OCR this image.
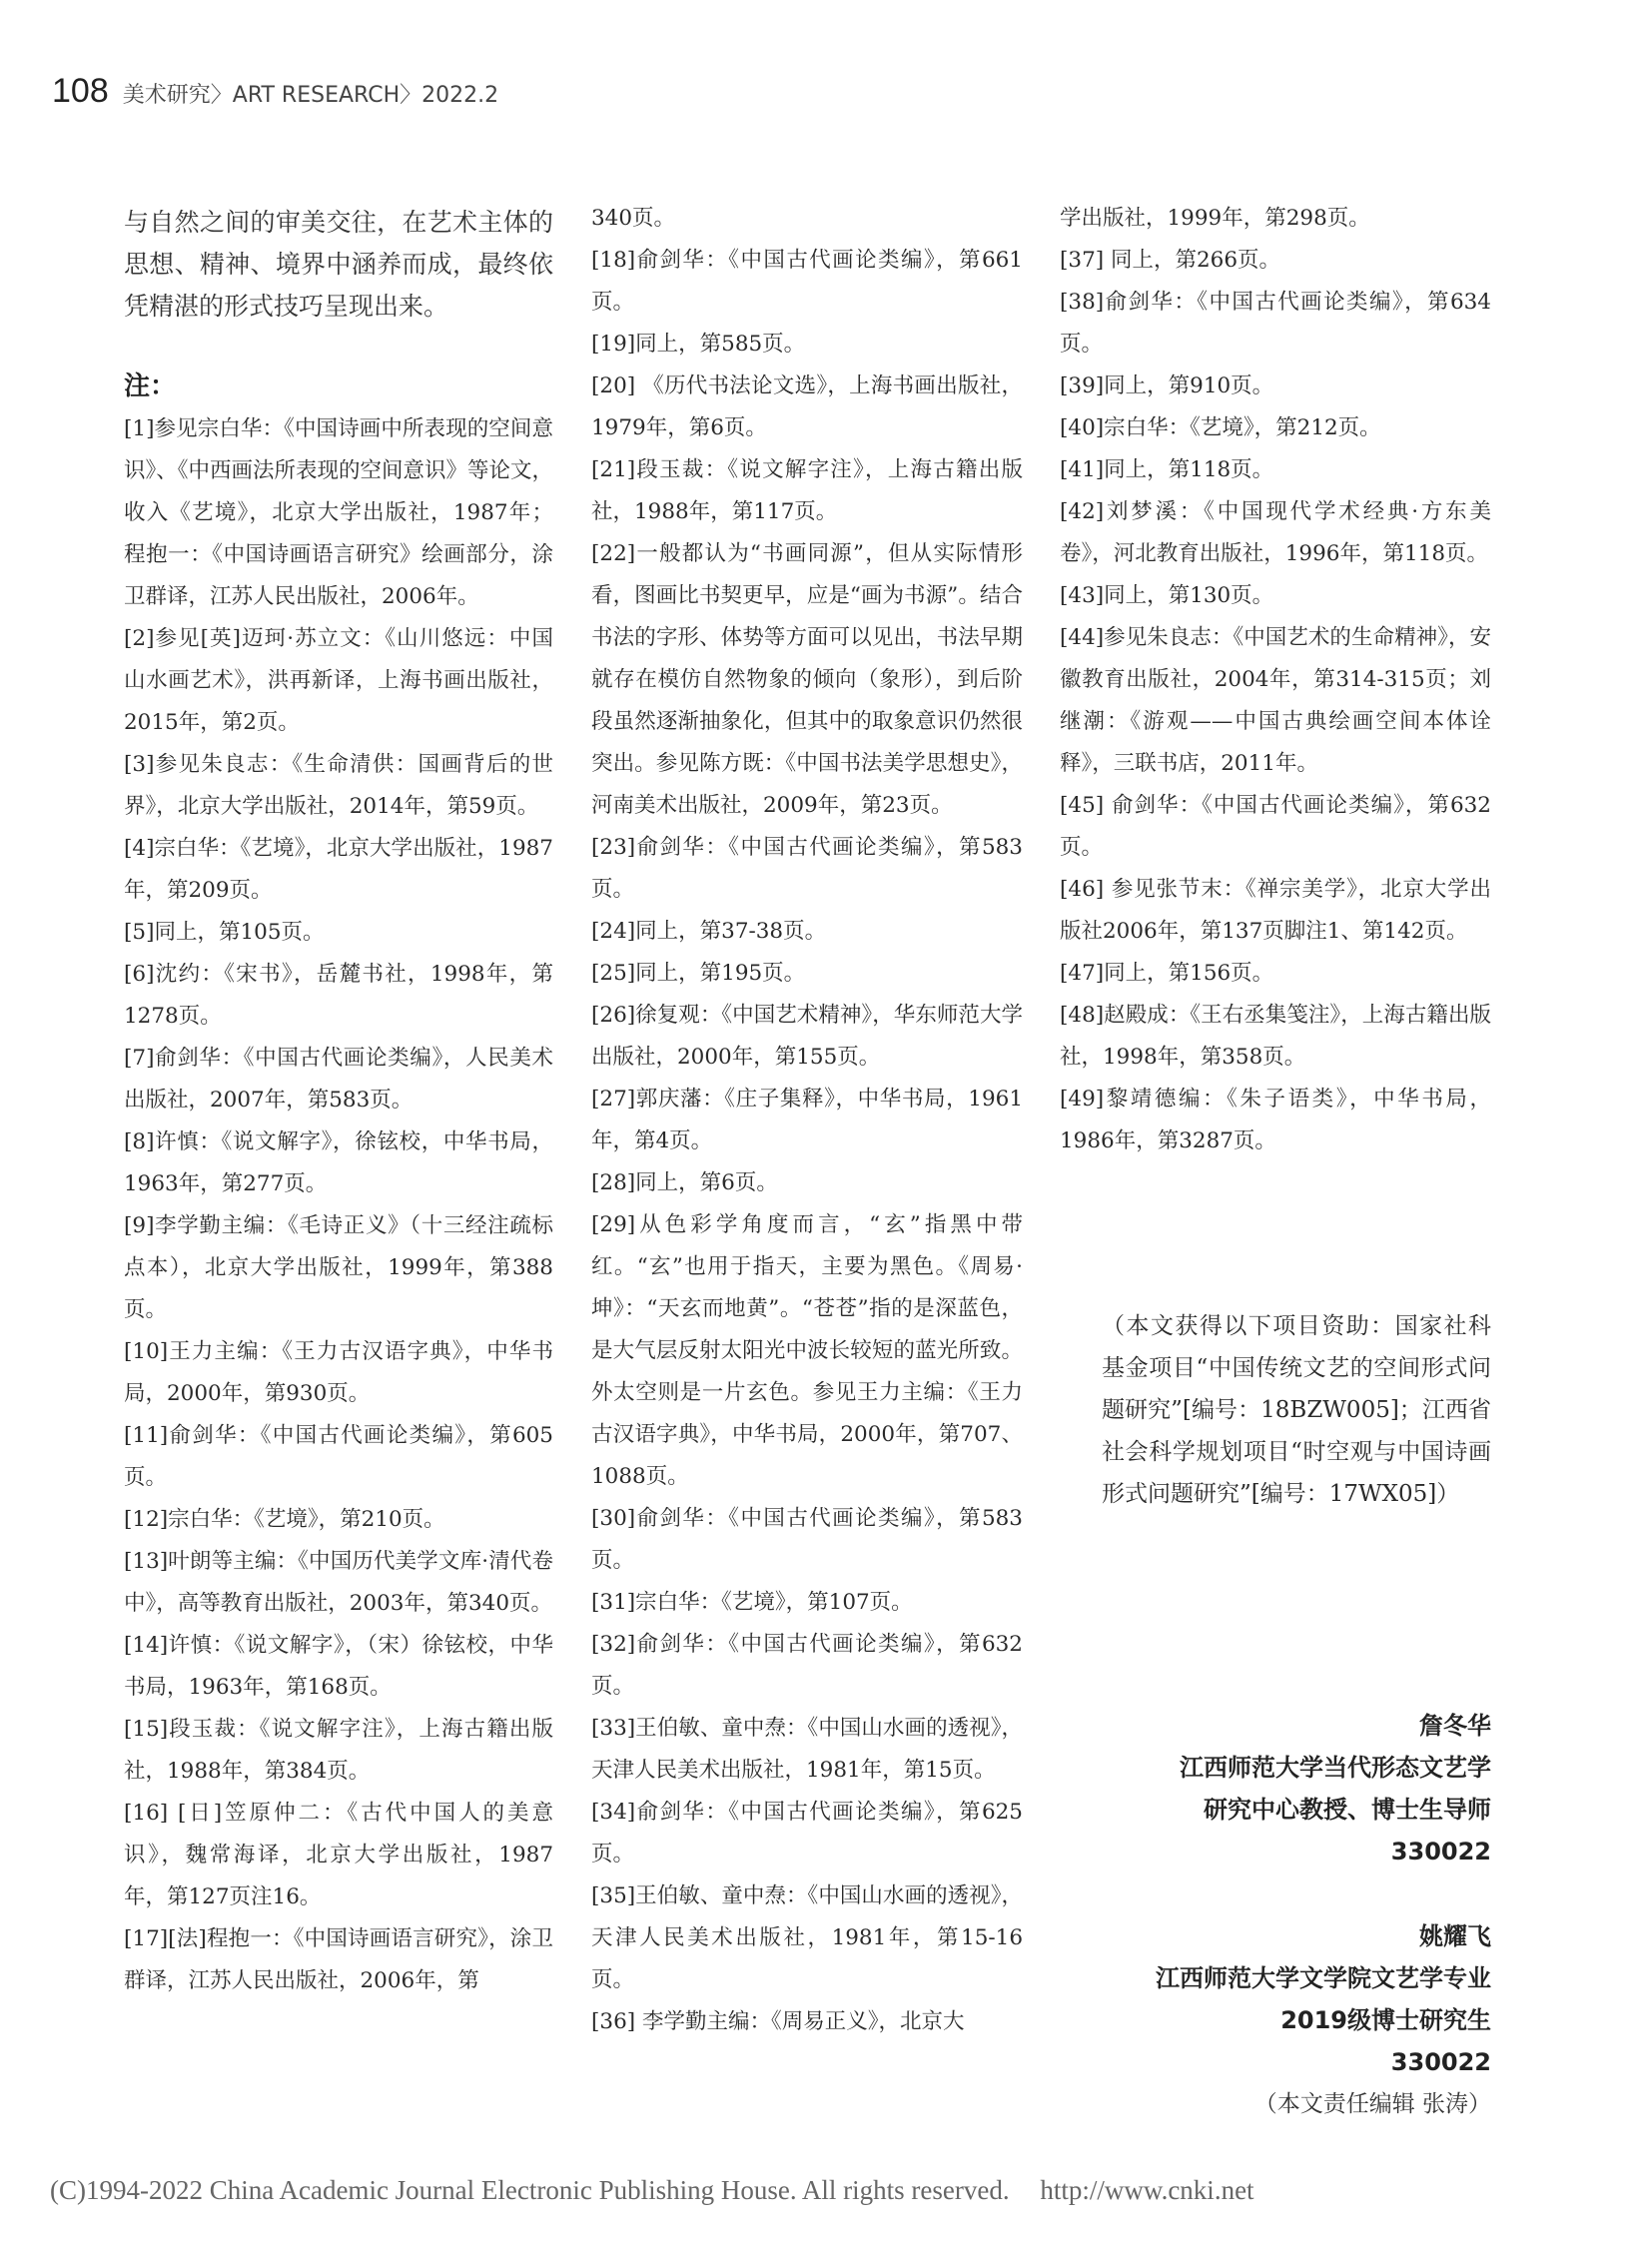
108 美术研究 〉 ART RESEARCH 〉 2022.2

与自然之间的审美交往，在艺术主体的思想、精神、境界中涵养而成，最终依凭精湛的形式技巧呈现出来。

注：

[1]参见宗白华：《中国诗画中所表现的空间意识》、《中西画法所表现的空间意识》等论文，收入《艺境》，北京大学出版社，1987年；程抱一：《中国诗画语言研究》绘画部分，涂卫群译，江苏人民出版社，2006年。

[2]参见[英]迈珂·苏立文：《山川悠远：中国山水画艺术》，洪再新译，上海书画出版社，2015年，第2页。

[3]参见朱良志：《生命清供：国画背后的世界》，北京大学出版社，2014年，第59页。

[4]宗白华：《艺境》，北京大学出版社，1987年，第209页。

[5]同上，第105页。

[6]沈约：《宋书》，岳麓书社，1998年，第1278页。

[7]俞剑华：《中国古代画论类编》，人民美术出版社，2007年，第583页。

[8]许慎：《说文解字》，徐铉校，中华书局，1963年，第277页。

[9]李学勤主编：《毛诗正义》（十三经注疏标点本），北京大学出版社，1999年，第388页。

[10]王力主编：《王力古汉语字典》，中华书局，2000年，第930页。

[11]俞剑华：《中国古代画论类编》，第605页。

[12]宗白华：《艺境》，第210页。

[13]叶朗等主编：《中国历代美学文库·清代卷中》，高等教育出版社，2003年，第340页。

[14]许慎：《说文解字》，（宋）徐铉校，中华书局，1963年，第168页。

[15]段玉裁：《说文解字注》，上海古籍出版社，1988年，第384页。

[16] [日]笠原仲二：《古代中国人的美意识》，魏常海译，北京大学出版社，1987年，第127页注16。

[17][法]程抱一：《中国诗画语言研究》，涂卫群译，江苏人民出版社，2006年，第

340页。

[18]俞剑华：《中国古代画论类编》，第661页。

[19]同上，第585页。

[20] 《历代书法论文选》，上海书画出版社，1979年，第6页。

[21]段玉裁：《说文解字注》，上海古籍出版社，1988年，第117页。

[22]一般都认为“书画同源”，但从实际情形看，图画比书契更早，应是“画为书源”。结合书法的字形、体势等方面可以见出，书法早期就存在模仿自然物象的倾向（象形），到后阶段虽然逐渐抽象化，但其中的取象意识仍然很突出。参见陈方既：《中国书法美学思想史》，河南美术出版社，2009年，第23页。

[23]俞剑华：《中国古代画论类编》，第583页。

[24]同上，第37-38页。

[25]同上，第195页。

[26]徐复观：《中国艺术精神》，华东师范大学出版社，2000年，第155页。

[27]郭庆藩：《庄子集释》，中华书局，1961年，第4页。

[28]同上，第6页。

[29]从色彩学角度而言，“玄”指黑中带红。“玄”也用于指天，主要为黑色。《周易·坤》：“天玄而地黄”。“苍苍”指的是深蓝色，是大气层反射太阳光中波长较短的蓝光所致。外太空则是一片玄色。参见王力主编：《王力古汉语字典》，中华书局，2000年，第707、1088页。

[30]俞剑华：《中国古代画论类编》，第583页。

[31]宗白华：《艺境》，第107页。

[32]俞剑华：《中国古代画论类编》，第632页。

[33]王伯敏、童中焘：《中国山水画的透视》，天津人民美术出版社，1981年，第15页。

[34]俞剑华：《中国古代画论类编》，第625页。

[35]王伯敏、童中焘：《中国山水画的透视》，天津人民美术出版社，1981年，第15-16页。

[36] 李学勤主编：《周易正义》，北京大

学出版社，1999年，第298页。

[37] 同上，第266页。

[38]俞剑华：《中国古代画论类编》，第634页。

[39]同上，第910页。

[40]宗白华：《艺境》，第212页。

[41]同上，第118页。

[42]刘梦溪：《中国现代学术经典·方东美卷》，河北教育出版社，1996年，第118页。

[43]同上，第130页。

[44]参见朱良志：《中国艺术的生命精神》，安徽教育出版社，2004年，第314-315页；刘继潮：《游观——中国古典绘画空间本体诠释》，三联书店，2011年。

[45] 俞剑华：《中国古代画论类编》，第632页。

[46] 参见张节末：《禅宗美学》，北京大学出版社2006年，第137页脚注1、第142页。

[47]同上，第156页。

[48]赵殿成：《王右丞集笺注》，上海古籍出版社，1998年，第358页。

[49]黎靖德编：《朱子语类》，中华书局，1986年，第3287页。

（本文获得以下项目资助：国家社科基金项目“中国传统文艺的空间形式问题研究”[编号：18BZW005]；江西省社会科学规划项目“时空观与中国诗画形式问题研究”[编号：17WX05]）

詹冬华
江西师范大学当代形态文艺学
研究中心教授、博士生导师
330022
姚耀飞
江西师范大学文学院文艺学专业
2019级博士研究生
330022
（本文责任编辑 张涛）
(C)1994-2022 China Academic Journal Electronic Publishing House. All rights reserved. http://www.cnki.net
